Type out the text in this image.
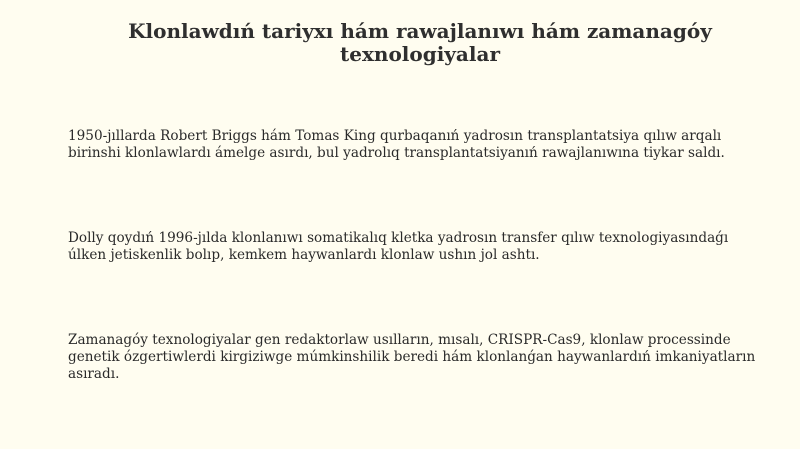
Klonlawdıń tariyxı hám rawajlanıwı hám zamanagóy texnologiyalar

1950-jıllarda Robert Briggs hám Tomas King qurbaqanıń yadrosın transplantatsiya qılıw arqalı birinshi klonlawlardı ámelge asırdı, bul yadrolıq transplantatsiyanıń rawajlanıwına tiykar saldı.

Dolly qoydıń 1996-jılda klonlanıwı somatikalıq kletka yadrosın transfer qılıw texnologiyasındaǵı úlken jetiskenlik bolıp, kemkem haywanlardı klonlaw ushın jol ashtı.

Zamanagóy texnologiyalar gen redaktorlaw usılların, mısalı, CRISPR-Cas9, klonlaw processinde genetik ózgertiwlerdi kirgiziwge múmkinshilik beredi hám klonlanǵan haywanlardıń imkaniyatların asıradı.
